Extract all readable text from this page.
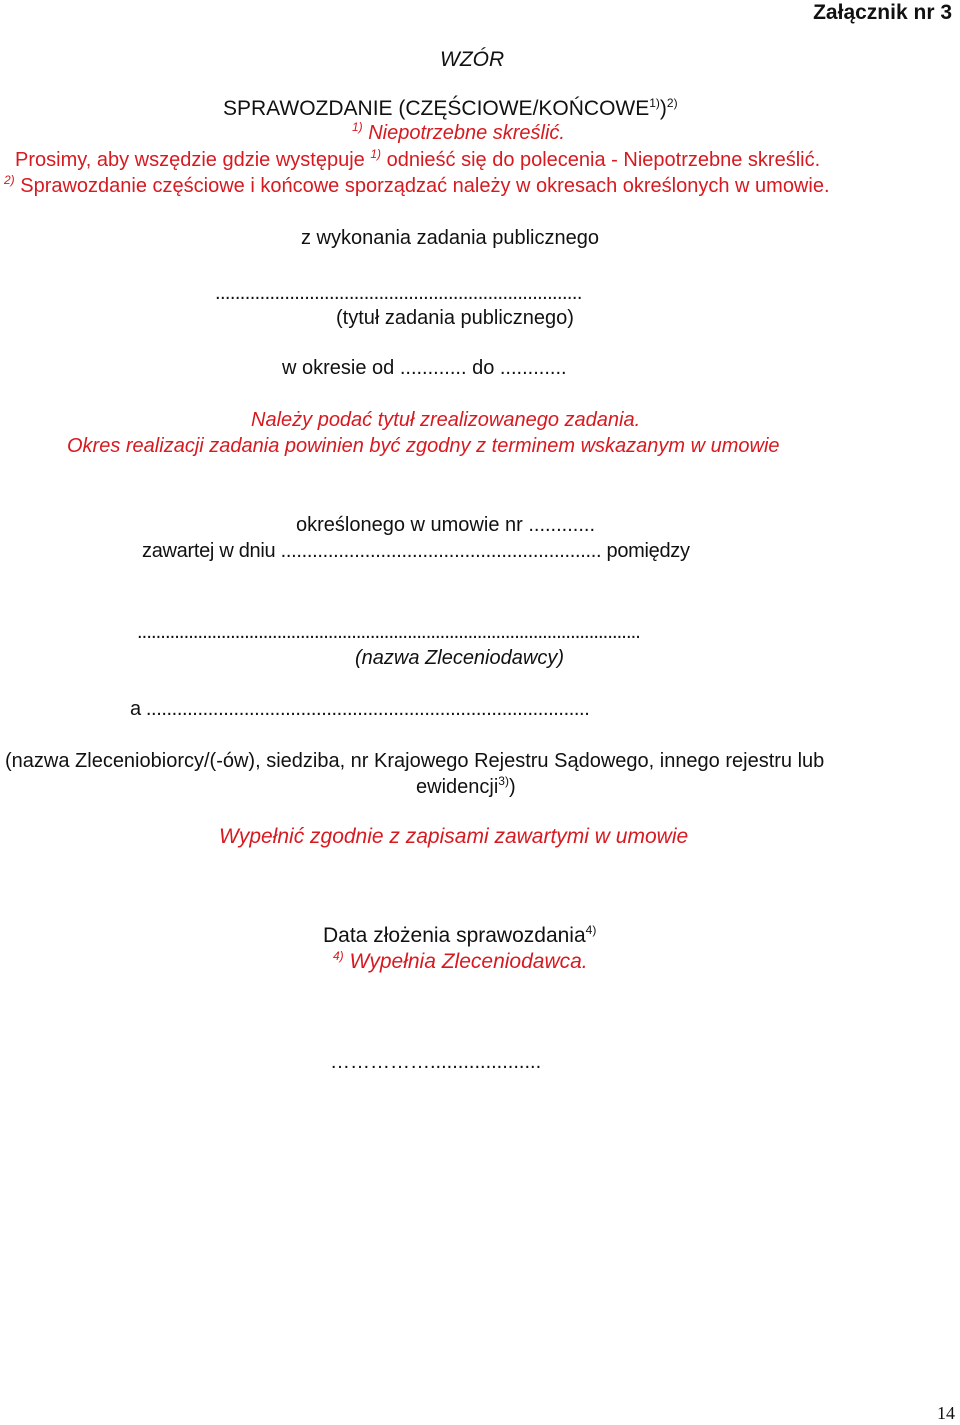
Załącznik nr 3
WZÓR
SPRAWOZDANIE (CZĘŚCIOWE/KOŃCOWE$^{1)}$)$^{2)}$
$^{1)}$ Niepotrzebne skreślić.
Prosimy, aby wszędzie gdzie występuje $^{1)}$ odnieść się do polecenia - Niepotrzebne skreślić.
$^{2)}$ Sprawozdanie częściowe i końcowe sporządzać należy w okresach określonych w umowie.
z wykonania zadania publicznego
..........................................................................
(tytuł zadania publicznego)
w okresie od ............ do ............
Należy podać tytuł zrealizowanego zadania.
Okres realizacji zadania powinien być zgodny z terminem wskazanym w umowie
określonego w umowie nr ............
zawartej w dniu ............................................................. pomiędzy
............................................................................................................
(nazwa Zleceniodawcy)
a ......................................................................................
(nazwa Zleceniobiorcy/(-ów), siedziba, nr Krajowego Rejestru Sądowego, innego rejestru lub
ewidencji$^{3)}$)
Wypełnić zgodnie z zapisami zawartymi w umowie
Data złożenia sprawozdania$^{4)}$
$^{4)}$ Wypełnia Zleceniodawca.
……………....................
14
